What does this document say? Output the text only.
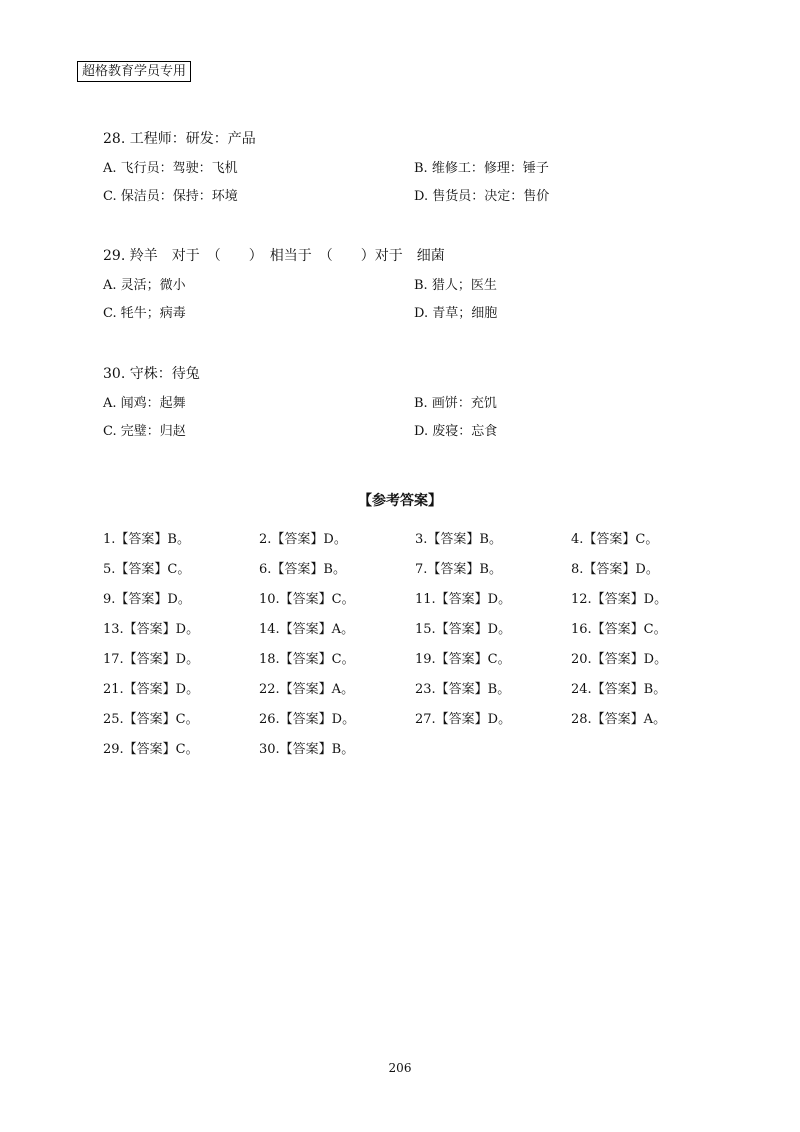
超格教育学员专用
28. 工程师：研发：产品
A. 飞行员：驾驶：飞机	B. 维修工：修理：锤子
C. 保洁员：保持：环境	D. 售货员：决定：售价
29. 羚羊　对于　（　　）　相当于　（　　）对于　细菌
A. 灵活；微小	B. 猎人；医生
C. 牦牛；病毒	D. 青草；细胞
30. 守株：待兔
A. 闻鸡：起舞	B. 画饼：充饥
C. 完璧：归赵	D. 废寝：忘食
【参考答案】
1.【答案】B。	2.【答案】D。	3.【答案】B。	4.【答案】C。
5.【答案】C。	6.【答案】B。	7.【答案】B。	8.【答案】D。
9.【答案】D。	10.【答案】C。	11.【答案】D。	12.【答案】D。
13.【答案】D。	14.【答案】A。	15.【答案】D。	16.【答案】C。
17.【答案】D。	18.【答案】C。	19.【答案】C。	20.【答案】D。
21.【答案】D。	22.【答案】A。	23.【答案】B。	24.【答案】B。
25.【答案】C。	26.【答案】D。	27.【答案】D。	28.【答案】A。
29.【答案】C。	30.【答案】B。
206
